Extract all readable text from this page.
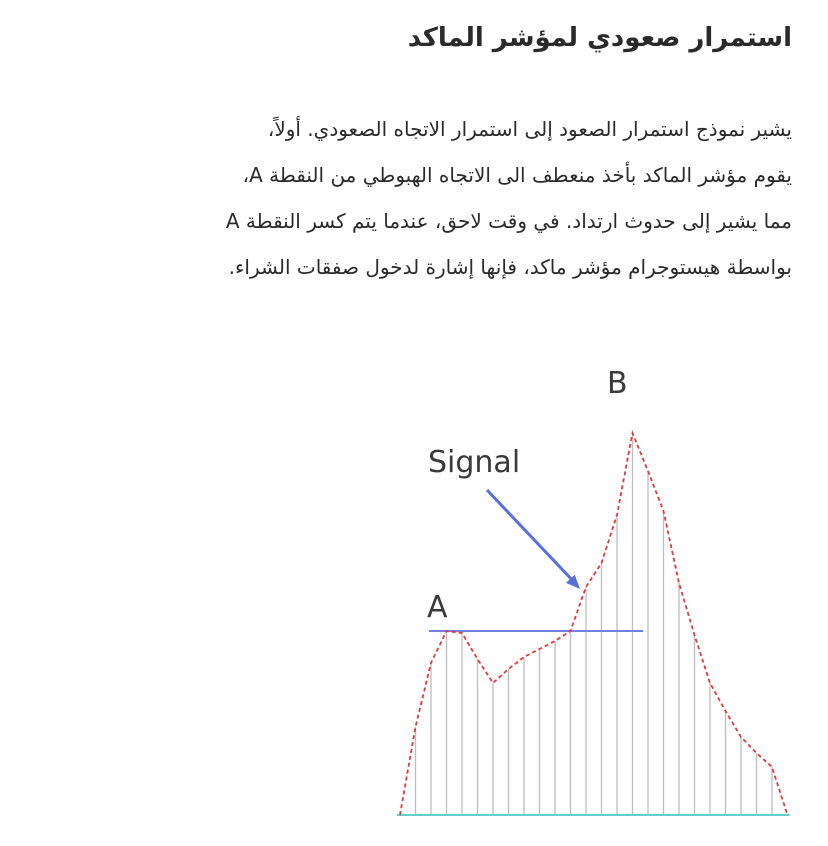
استمرار صعودي لمؤشر الماكد

يشير نموذج استمرار الصعود إلى استمرار الاتجاه الصعودي. أولاً،
يقوم مؤشر الماكد بأخذ منعطف الى الاتجاه الهبوطي من النقطة A،
مما يشير إلى حدوث ارتداد. في وقت لاحق، عندما يتم كسر النقطة A
بواسطة هيستوجرام مؤشر ماكد، فإنها إشارة لدخول صفقات الشراء.

B
Signal
A
